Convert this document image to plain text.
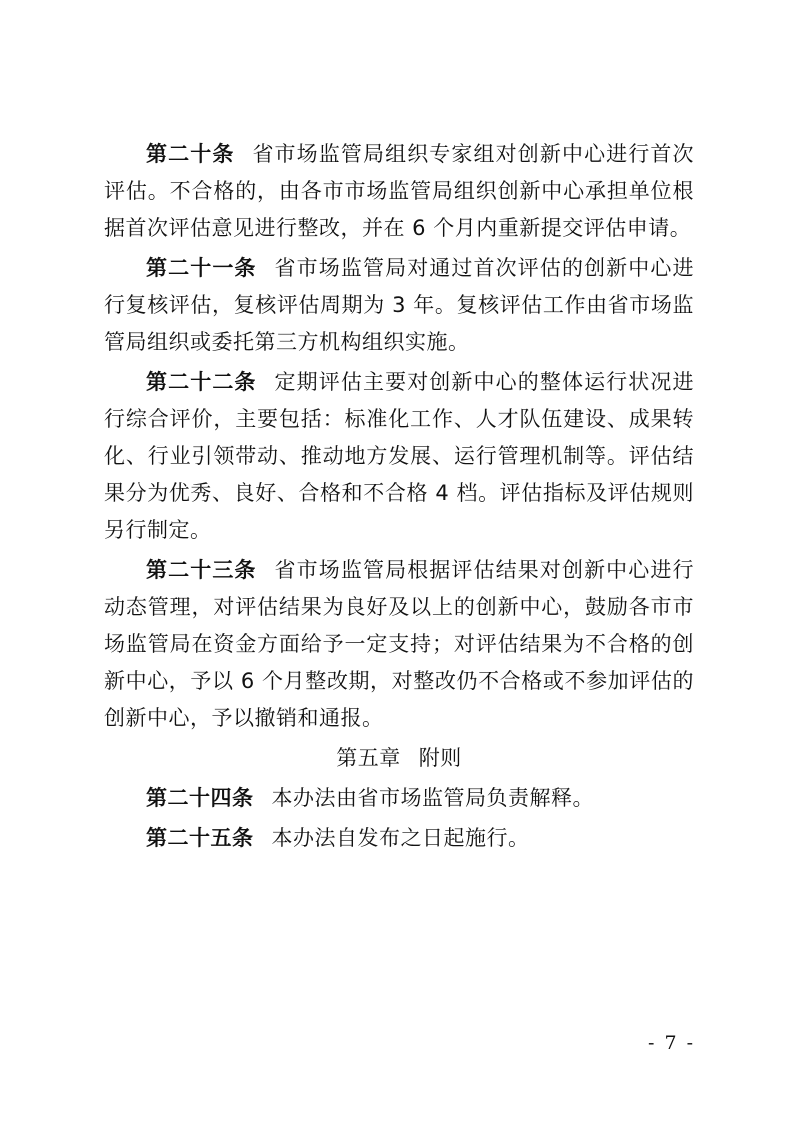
第二十条 省市场监管局组织专家组对创新中心进行首次评估。不合格的，由各市市场监管局组织创新中心承担单位根据首次评估意见进行整改，并在 6 个月内重新提交评估申请。

第二十一条 省市场监管局对通过首次评估的创新中心进行复核评估，复核评估周期为 3 年。复核评估工作由省市场监管局组织或委托第三方机构组织实施。

第二十二条 定期评估主要对创新中心的整体运行状况进行综合评价，主要包括：标准化工作、人才队伍建设、成果转化、行业引领带动、推动地方发展、运行管理机制等。评估结果分为优秀、良好、合格和不合格 4 档。评估指标及评估规则另行制定。

第二十三条 省市场监管局根据评估结果对创新中心进行动态管理，对评估结果为良好及以上的创新中心，鼓励各市市场监管局在资金方面给予一定支持；对评估结果为不合格的创新中心，予以 6 个月整改期，对整改仍不合格或不参加评估的创新中心，予以撤销和通报。

第五章 附则

第二十四条 本办法由省市场监管局负责解释。

第二十五条 本办法自发布之日起施行。

- 7 -
